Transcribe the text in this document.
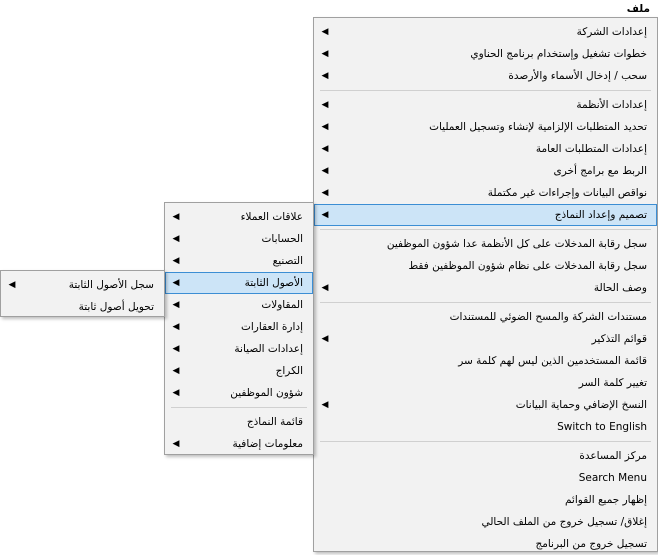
ملف
إعدادات الشركة
◀
خطوات تشغيل وإستخدام برنامج الحناوي
◀
سحب / إدخال الأسماء والأرصدة
◀
إعدادات الأنظمة
◀
تحديد المتطلبات الإلزامية لإنشاء وتسجيل العمليات
◀
إعدادات المتطلبات العامة
◀
الربط مع برامج أخرى
◀
نواقص البيانات وإجراءات غير مكتملة
◀
تصميم وإعداد النماذج
◀
سجل رقابة المدخلات على كل الأنظمة عدا شؤون الموظفين
سجل رقابة المدخلات على نظام شؤون الموظفين فقط
وصف الحالة
◀
مستندات الشركة والمسح الضوئي للمستندات
قوائم التذكير
◀
قائمة المستخدمين الذين ليس لهم كلمة سر
تغيير كلمة السر
النسخ الإضافي وحماية البيانات
◀
Switch to English
مركز المساعدة
Search Menu
إظهار جميع القوائم
إغلاق/ تسجيل خروج من الملف الحالي
تسجيل خروج من البرنامج
علاقات العملاء
◀
الحسابات
◀
التصنيع
◀
الأصول الثابتة
◀
المقاولات
◀
إدارة العقارات
◀
إعدادات الصيانة
◀
الكراج
◀
شؤون الموظفين
◀
قائمة النماذج
معلومات إضافية
◀
سجل الأصول الثابتة
◀
تحويل أصول ثابتة
